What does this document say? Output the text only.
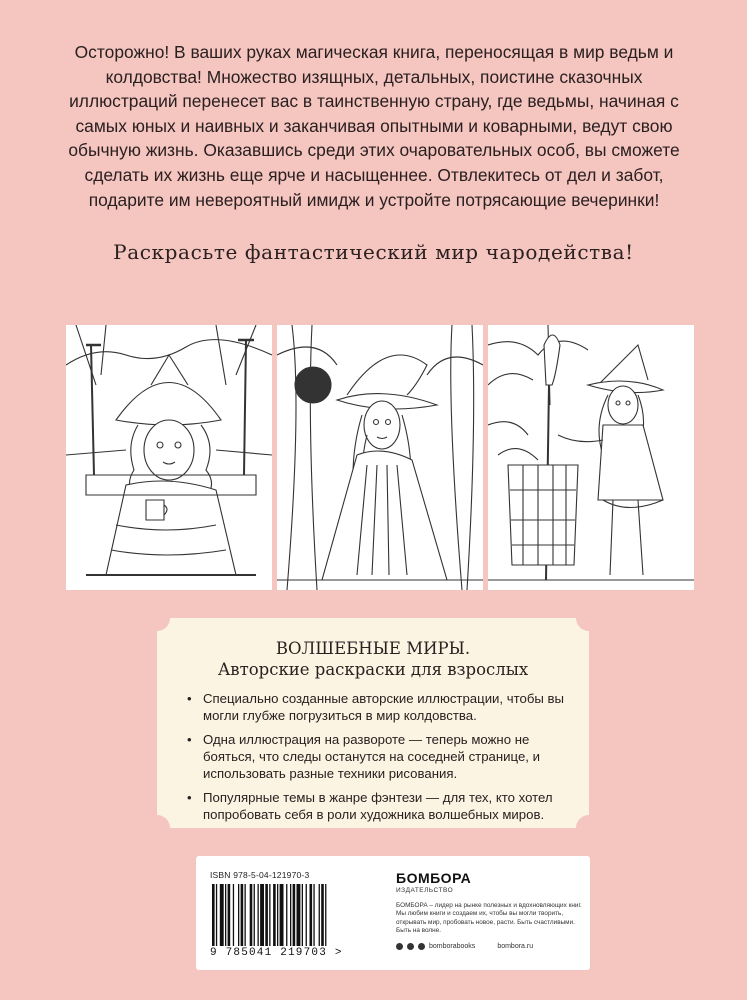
Осторожно! В ваших руках магическая книга, переносящая в мир ведьм и колдовства! Множество изящных, детальных, поистине сказочных иллюстраций перенесет вас в таинственную страну, где ведьмы, начиная с самых юных и наивных и заканчивая опытными и коварными, ведут свою обычную жизнь. Оказавшись среди этих очаровательных особ, вы сможете сделать их жизнь еще ярче и насыщеннее. Отвлекитесь от дел и забот, подарите им невероятный имидж и устройте потрясающие вечеринки!
Раскрасьте фантастический мир чародейства!
ВОЛШЕБНЫЕ МИРЫ.
Авторские раскраски для взрослых
• Специально созданные авторские иллюстрации, чтобы вы могли глубже погрузиться в мир колдовства.
• Одна иллюстрация на развороте — теперь можно не бояться, что следы останутся на соседней странице, и использовать разные техники рисования.
• Популярные темы в жанре фэнтези — для тех, кто хотел попробовать себя в роли художника волшебных миров.
ISBN 978-5-04-121970-3
9 785041 219703 >
БОМБОРА
ИЗДАТЕЛЬСТВО
БОМБОРА – лидер на рынке полезных и вдохновляющих книг. Мы любим книги и создаем их, чтобы вы могли творить, открывать мир, пробовать новое, расти. Быть счастливыми. Быть на волне.
bomborabooks	bombora.ru
